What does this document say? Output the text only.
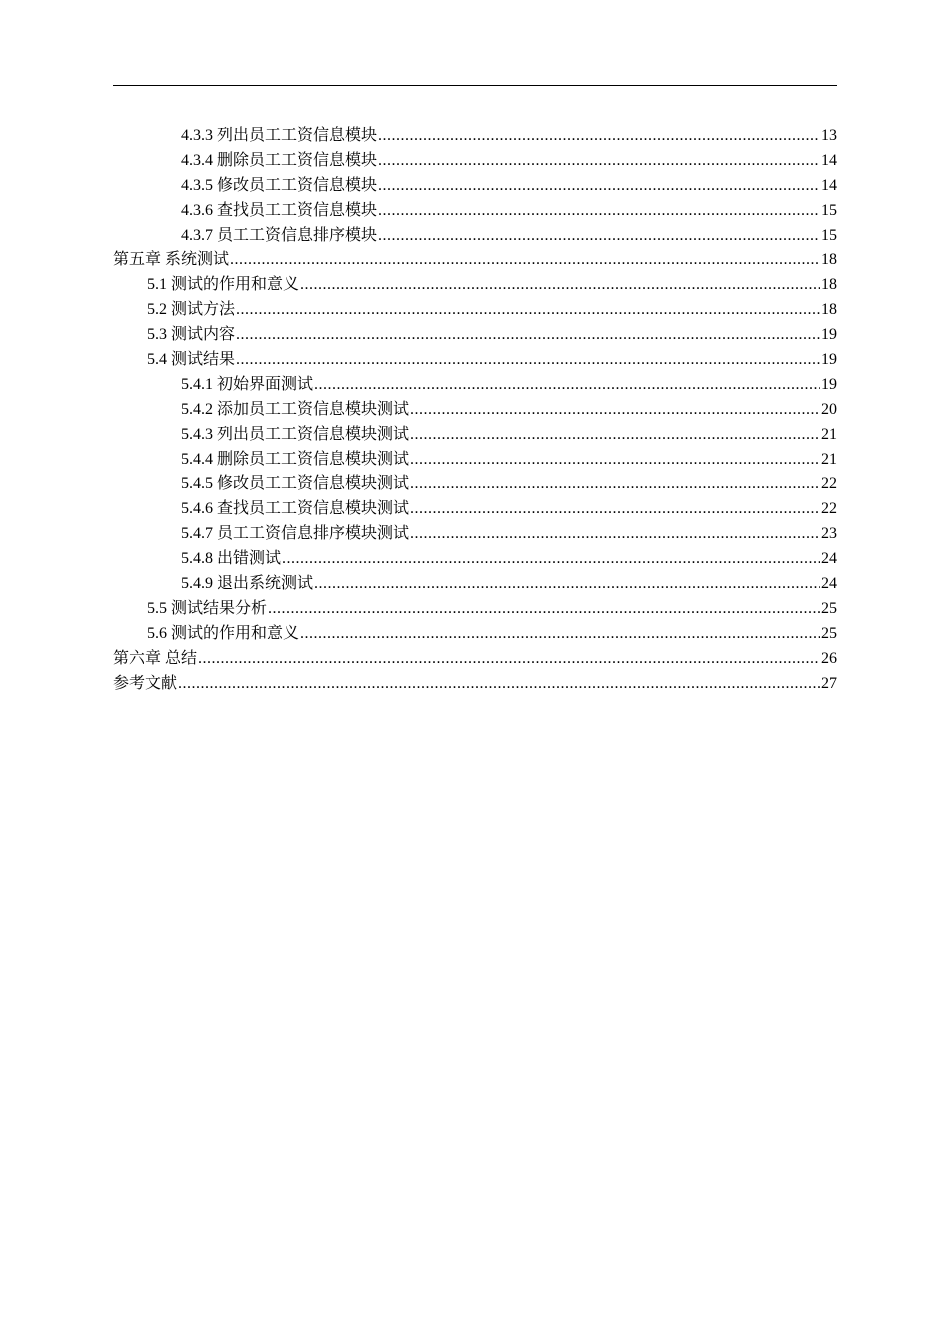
4.3.3 列出员工工资信息模块 .....	13
4.3.4 删除员工工资信息模块 .....	14
4.3.5 修改员工工资信息模块 .....	14
4.3.6 查找员工工资信息模块 .....	15
4.3.7 员工工资信息排序模块 .....	15
第五章 系统测试 .....	18
5.1 测试的作用和意义 .....	18
5.2 测试方法 .....	18
5.3 测试内容 .....	19
5.4 测试结果 .....	19
5.4.1 初始界面测试 .....	19
5.4.2 添加员工工资信息模块测试 .....	20
5.4.3 列出员工工资信息模块测试 .....	21
5.4.4 删除员工工资信息模块测试 .....	21
5.4.5 修改员工工资信息模块测试 .....	22
5.4.6 查找员工工资信息模块测试 .....	22
5.4.7 员工工资信息排序模块测试 .....	23
5.4.8 出错测试 .....	24
5.4.9 退出系统测试 .....	24
5.5 测试结果分析 .....	25
5.6 测试的作用和意义 .....	25
第六章 总结 .....	26
参考文献 .....	27
